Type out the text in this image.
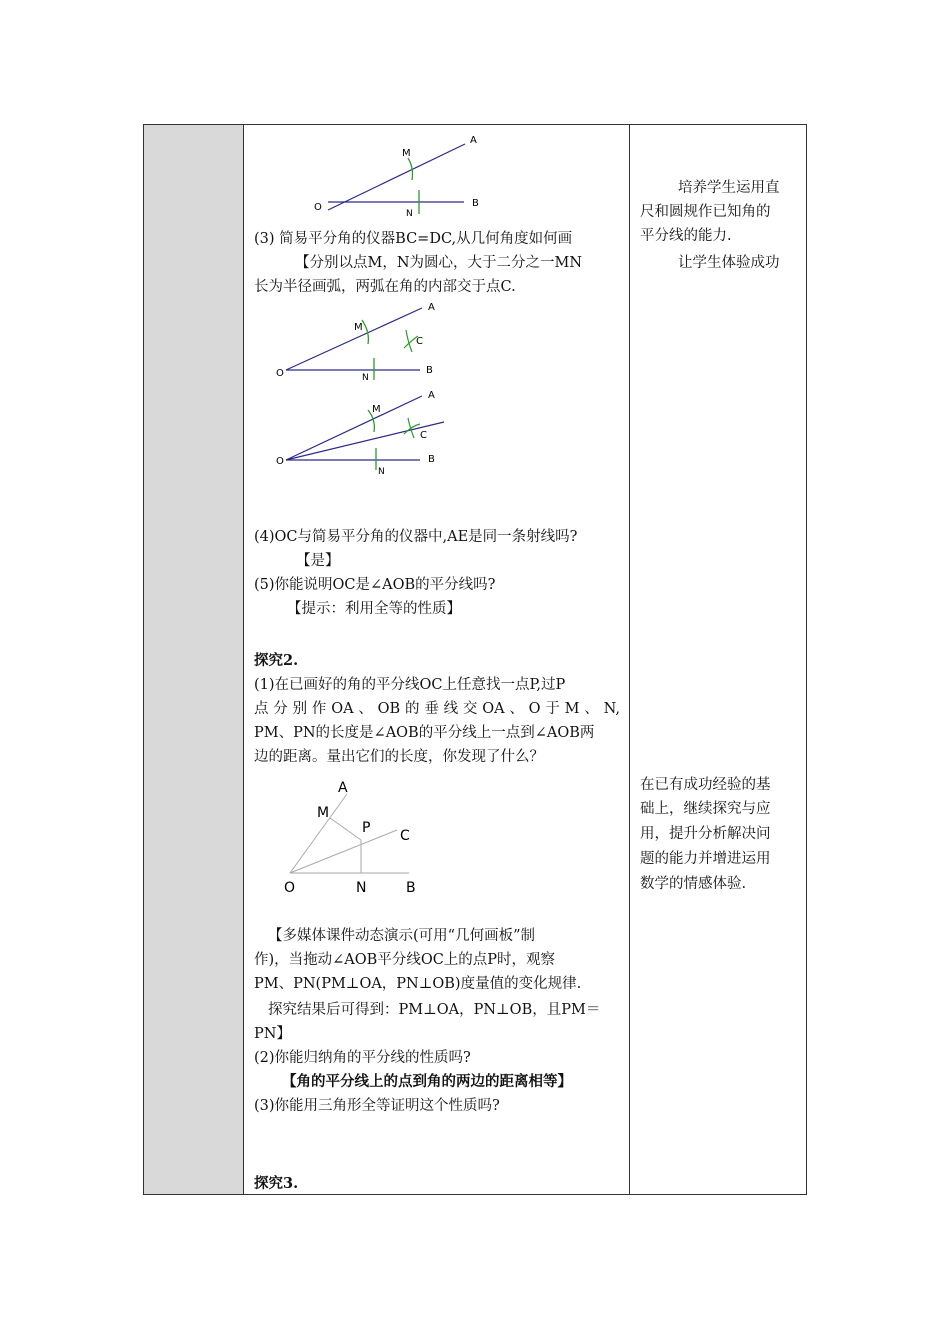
A
M
O
N
B
(3) 简易平分角的仪器BC=DC,从几何角度如何画
【分别以点M，N为圆心，大于二分之一MN
长为半径画弧，两弧在角的内部交于点C.
A
M
C
O	N
B
A
M
C
O
N
B
(4)OC与简易平分角的仪器中,AE是同一条射线吗?
【是】
(5)你能说明OC是∠AOB的平分线吗?
【提示：利用全等的性质】
探究2.
(1)在已画好的角的平分线OC上任意找一点P,过P
点分别作OA、OB的垂线交OA、O于M、N,
PM、PN的长度是∠AOB的平分线上一点到∠AOB两
边的距离。量出它们的长度，你发现了什么？
A
M
P C
O	N	B
【多媒体课件动态演示(可用“几何画板”制
作)，当拖动∠AOB平分线OC上的点P时，观察
PM、PN(PM⊥OA，PN⊥OB)度量值的变化规律.
探究结果后可得到：PM⊥OA，PN⊥OB，且PM＝
PN】
(2)你能归纳角的平分线的性质吗?
【角的平分线上的点到角的两边的距离相等】
(3)你能用三角形全等证明这个性质吗?
探究3.
培养学生运用直
尺和圆规作已知角的
平分线的能力.
让学生体验成功
在已有成功经验的基
础上，继续探究与应
用，提升分析解决问
题的能力并增进运用
数学的情感体验.
